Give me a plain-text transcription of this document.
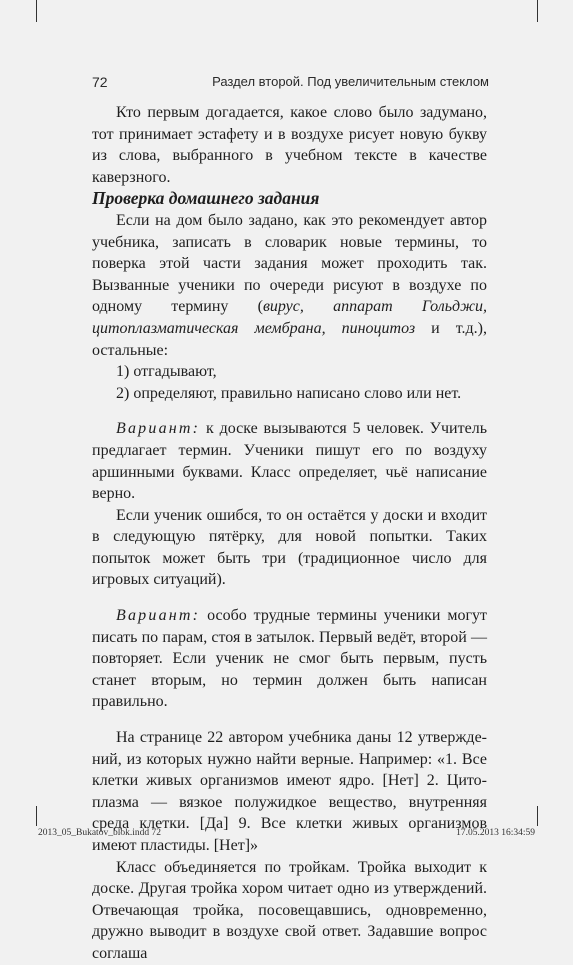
72	Раздел второй. Под увеличительным стеклом

Кто первым догадается, какое слово было задумано, тот принимает эстафету и в воздухе рисует новую букву из слова, выбранного в учебном тексте в качестве каверзного.

Проверка домашнего задания

Если на дом было задано, как это рекомендует автор учебника, записать в словарик новые термины, то поверка этой части задания может проходить так. Вызванные ученики по очереди рисуют в воздухе по одному термину (вирус, аппарат Гольджи, цитоплазматическая мембрана, пиноцитоз и т.д.), остальные:

1) отгадывают,

2) определяют, правильно написано слово или нет.

Вариант: к доске вызываются 5 человек. Учитель предлагает термин. Ученики пишут его по воздуху аршинными буквами. Класс определяет, чьё написание верно.

Если ученик ошибся, то он остаётся у доски и входит в следующую пятёрку, для новой попытки. Таких попыток может быть три (традиционное число для игровых ситуаций).

Вариант: особо трудные термины ученики могут писать по парам, стоя в затылок. Первый ведёт, второй — повторяет. Если ученик не смог быть первым, пусть станет вторым, но термин должен быть написан правильно.

На странице 22 автором учебника даны 12 утверждений, из которых нужно найти верные. Например: «1. Все клетки живых организмов имеют ядро. [Нет] 2. Цитоплазма — вязкое полужидкое вещество, внутренняя среда клетки. [Да] 9. Все клетки живых организмов имеют пластиды. [Нет]»

Класс объединяется по тройкам. Тройка выходит к доске. Другая тройка хором читает одно из утверждений. Отвечающая тройка, посовещавшись, одновременно, дружно выводит в воздухе свой ответ. Задавшие вопрос соглаша

2013_05_Bukatov_blok.indd 72	17.05.2013 16:34:59
